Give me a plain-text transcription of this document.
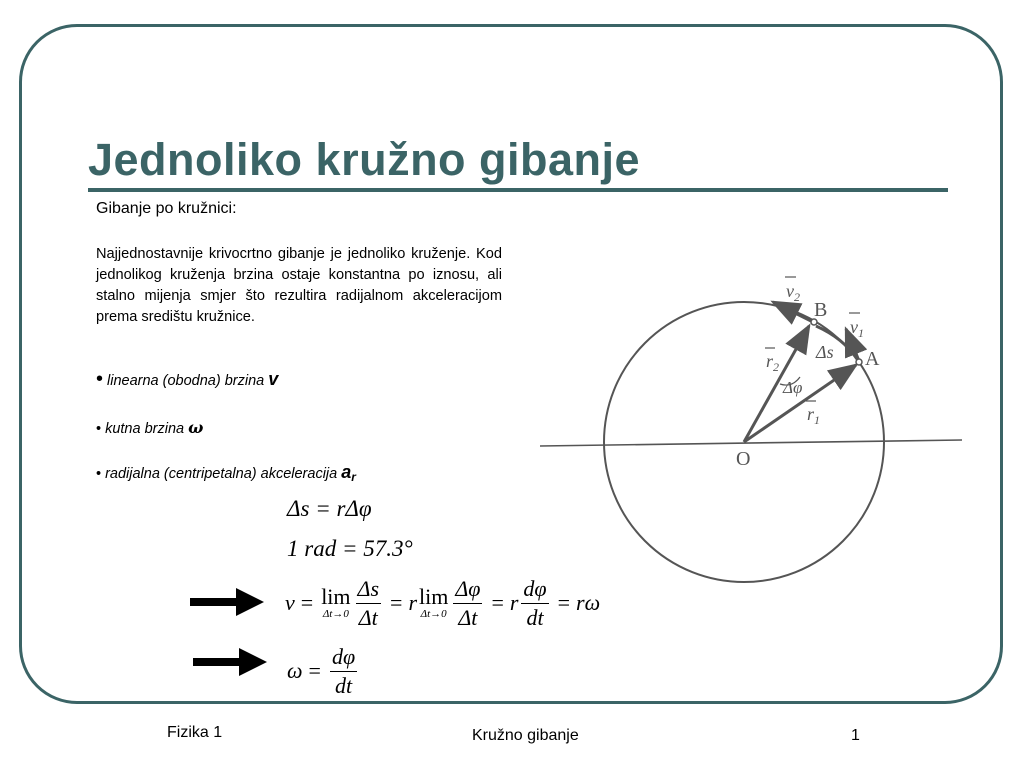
Jednoliko kružno gibanje
Gibanje po kružnici:

Najjednostavnije krivocrtno gibanje je jednoliko kruženje. Kod jednolikog kruženja brzina ostaje konstantna po iznosu, ali stalno mijenja smjer što rezultira radijalnom akceleracijom prema središtu kružnice.

• linearna (obodna) brzina v
• kutna brzina ω
• radijalna (centripetalna) akceleracija $a_r$
Δs = rΔφ
1 rad = 57.3°
v = lim
$\Delta t\to 0 \frac{\Delta s}{\Delta t} = r$ lim
$\Delta t\to 0 \frac{\Delta\varphi}{\Delta t} = r \frac{d\varphi}{dt} = r\omega$
$\omega = \frac{d\varphi}{dt}$
B
A
O
$v_2$
$v_1$
Δs
$r_2$
$r_1$
Δφ
Fizika 1	Kružno gibanje	1
